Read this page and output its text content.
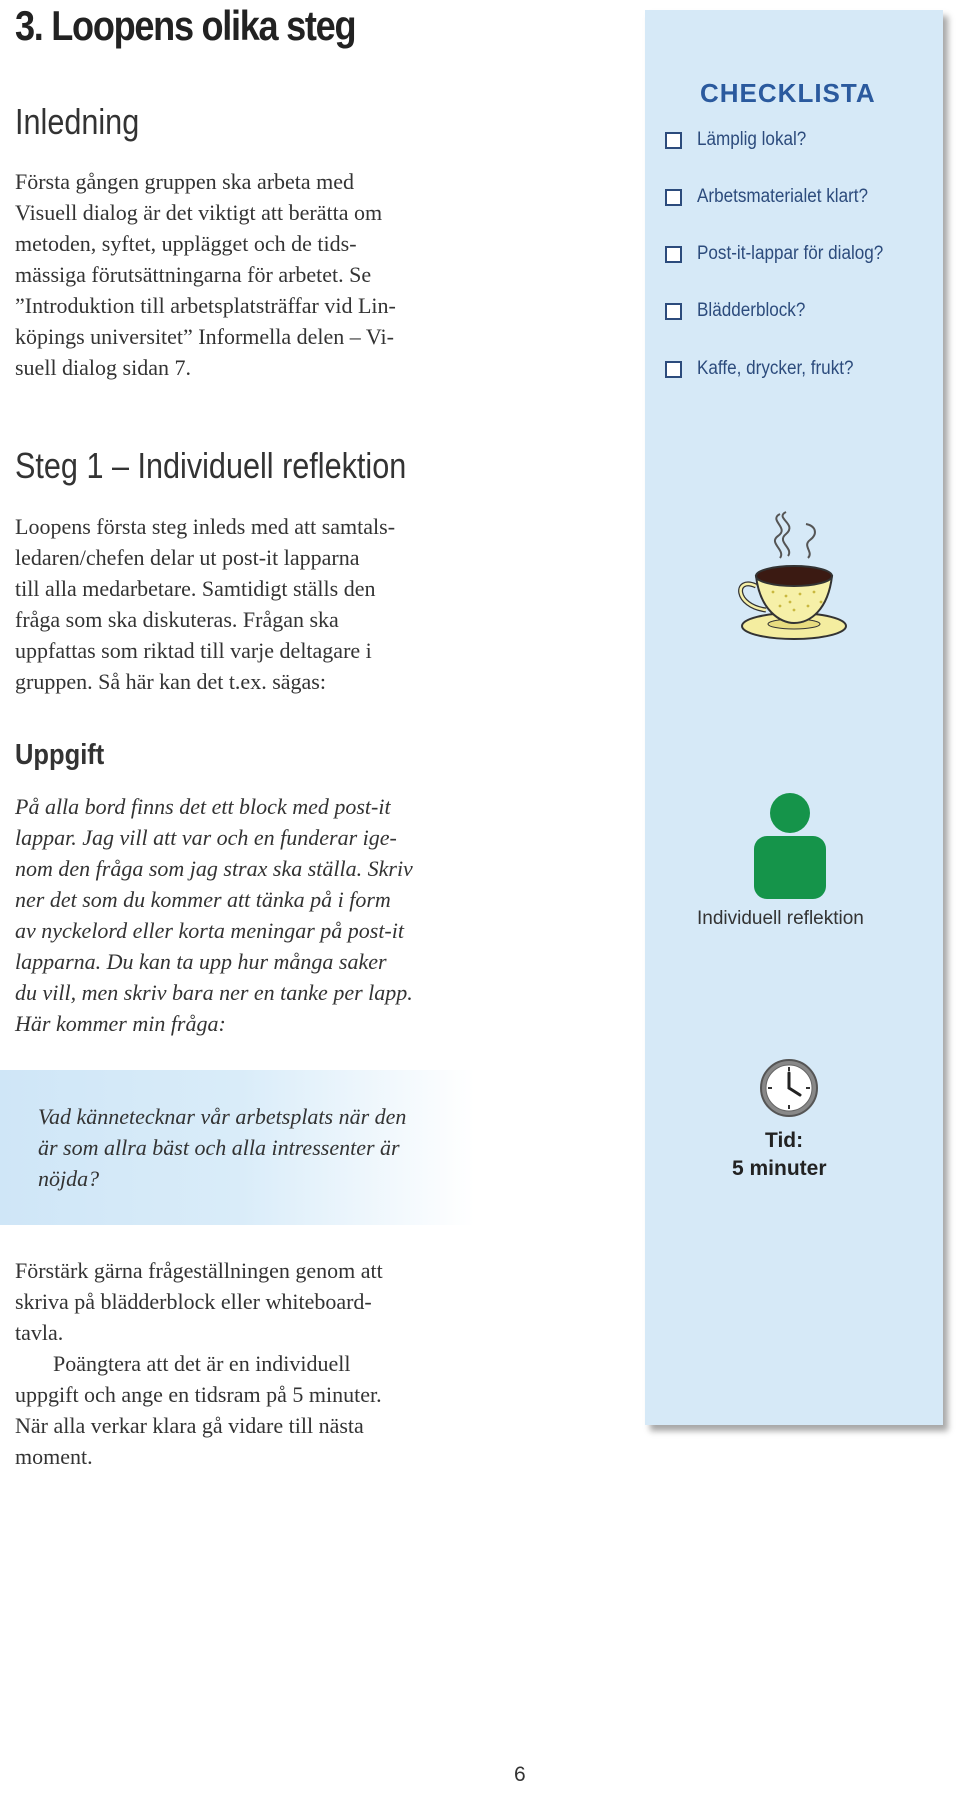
3. Loopens olika steg
Inledning
Första gången gruppen ska arbeta med
Visuell dialog är det viktigt att berätta om
metoden, syftet, upplägget och de tids-
mässiga förutsättningarna för arbetet. Se
”Introduktion till arbetsplatsträffar vid Lin-
köpings universitet” Informella delen – Vi-
suell dialog sidan 7.
Steg 1 – Individuell reflektion
Loopens första steg inleds med att samtals-
ledaren/chefen delar ut post-it lapparna
till alla medarbetare. Samtidigt ställs den
fråga som ska diskuteras. Frågan ska
uppfattas som riktad till varje deltagare i
gruppen. Så här kan det t.ex. sägas:
Uppgift
På alla bord finns det ett block med post-it
lappar. Jag vill att var och en funderar ige-
nom den fråga som jag strax ska ställa. Skriv
ner det som du kommer att tänka på i form
av nyckelord eller korta meningar på post-it
lapparna. Du kan ta upp hur många saker
du vill, men skriv bara ner en tanke per lapp.
Här kommer min fråga:
Vad kännetecknar vår arbetsplats när den
är som allra bäst och alla intressenter är
nöjda?
Förstärk gärna frågeställningen genom att
skriva på blädderblock eller whiteboard-
tavla.
Poängtera att det är en individuell
uppgift och ange en tidsram på 5 minuter.
När alla verkar klara gå vidare till nästa
moment.
CHECKLISTA
Lämplig lokal?
Arbetsmaterialet klart?
Post-it-lappar för dialog?
Blädderblock?
Kaffe, drycker, frukt?
Individuell reflektion
Tid:
5 minuter
6
